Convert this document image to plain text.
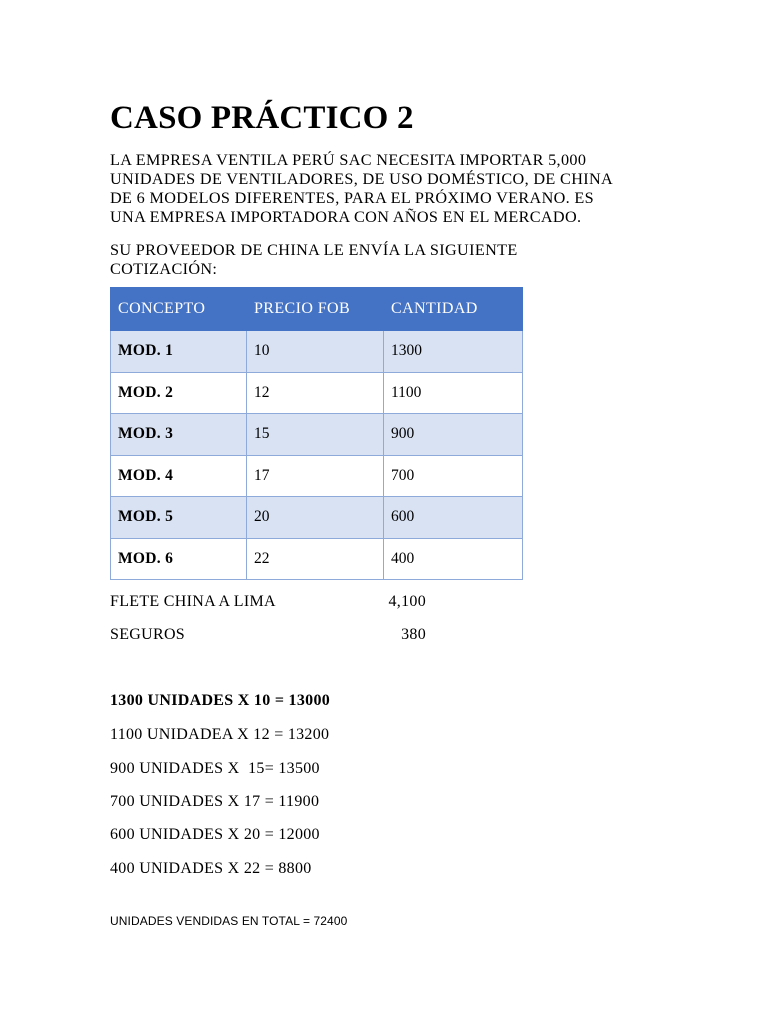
CASO PRÁCTICO 2

LA EMPRESA VENTILA PERÚ SAC NECESITA IMPORTAR 5,000
UNIDADES DE VENTILADORES, DE USO DOMÉSTICO, DE CHINA
DE 6 MODELOS DIFERENTES, PARA EL PRÓXIMO VERANO. ES
UNA EMPRESA IMPORTADORA CON AÑOS EN EL MERCADO.

SU PROVEEDOR DE CHINA LE ENVÍA LA SIGUIENTE
COTIZACIÓN:

CONCEPTO	PRECIO FOB	CANTIDAD
MOD. 1	10	1300
MOD. 2	12	1100
MOD. 3	15	900
MOD. 4	17	700
MOD. 5	20	600
MOD. 6	22	400
FLETE CHINA A LIMA	4,100
SEGUROS	380

1300 UNIDADES X 10 = 13000

1100 UNIDADEA X 12 = 13200

900 UNIDADES X  15= 13500

700 UNIDADES X 17 = 11900

600 UNIDADES X 20 = 12000

400 UNIDADES X 22 = 8800

UNIDADES VENDIDAS EN TOTAL = 72400
